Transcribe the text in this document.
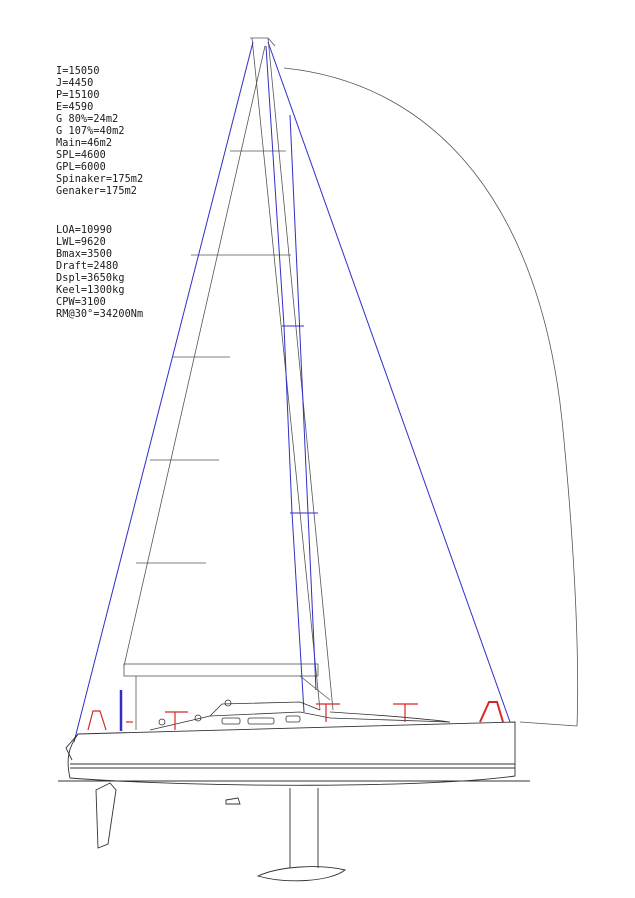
I=15050
J=4450
P=15100
E=4590
G 80%=24m2
G 107%=40m2
Main=46m2
SPL=4600
GPL=6000
Spinaker=175m2
Genaker=175m2
LOA=10990
LWL=9620
Bmax=3500
Draft=2480
Dspl=3650kg
Keel=1300kg
CPW=3100
RM@30°=34200Nm
